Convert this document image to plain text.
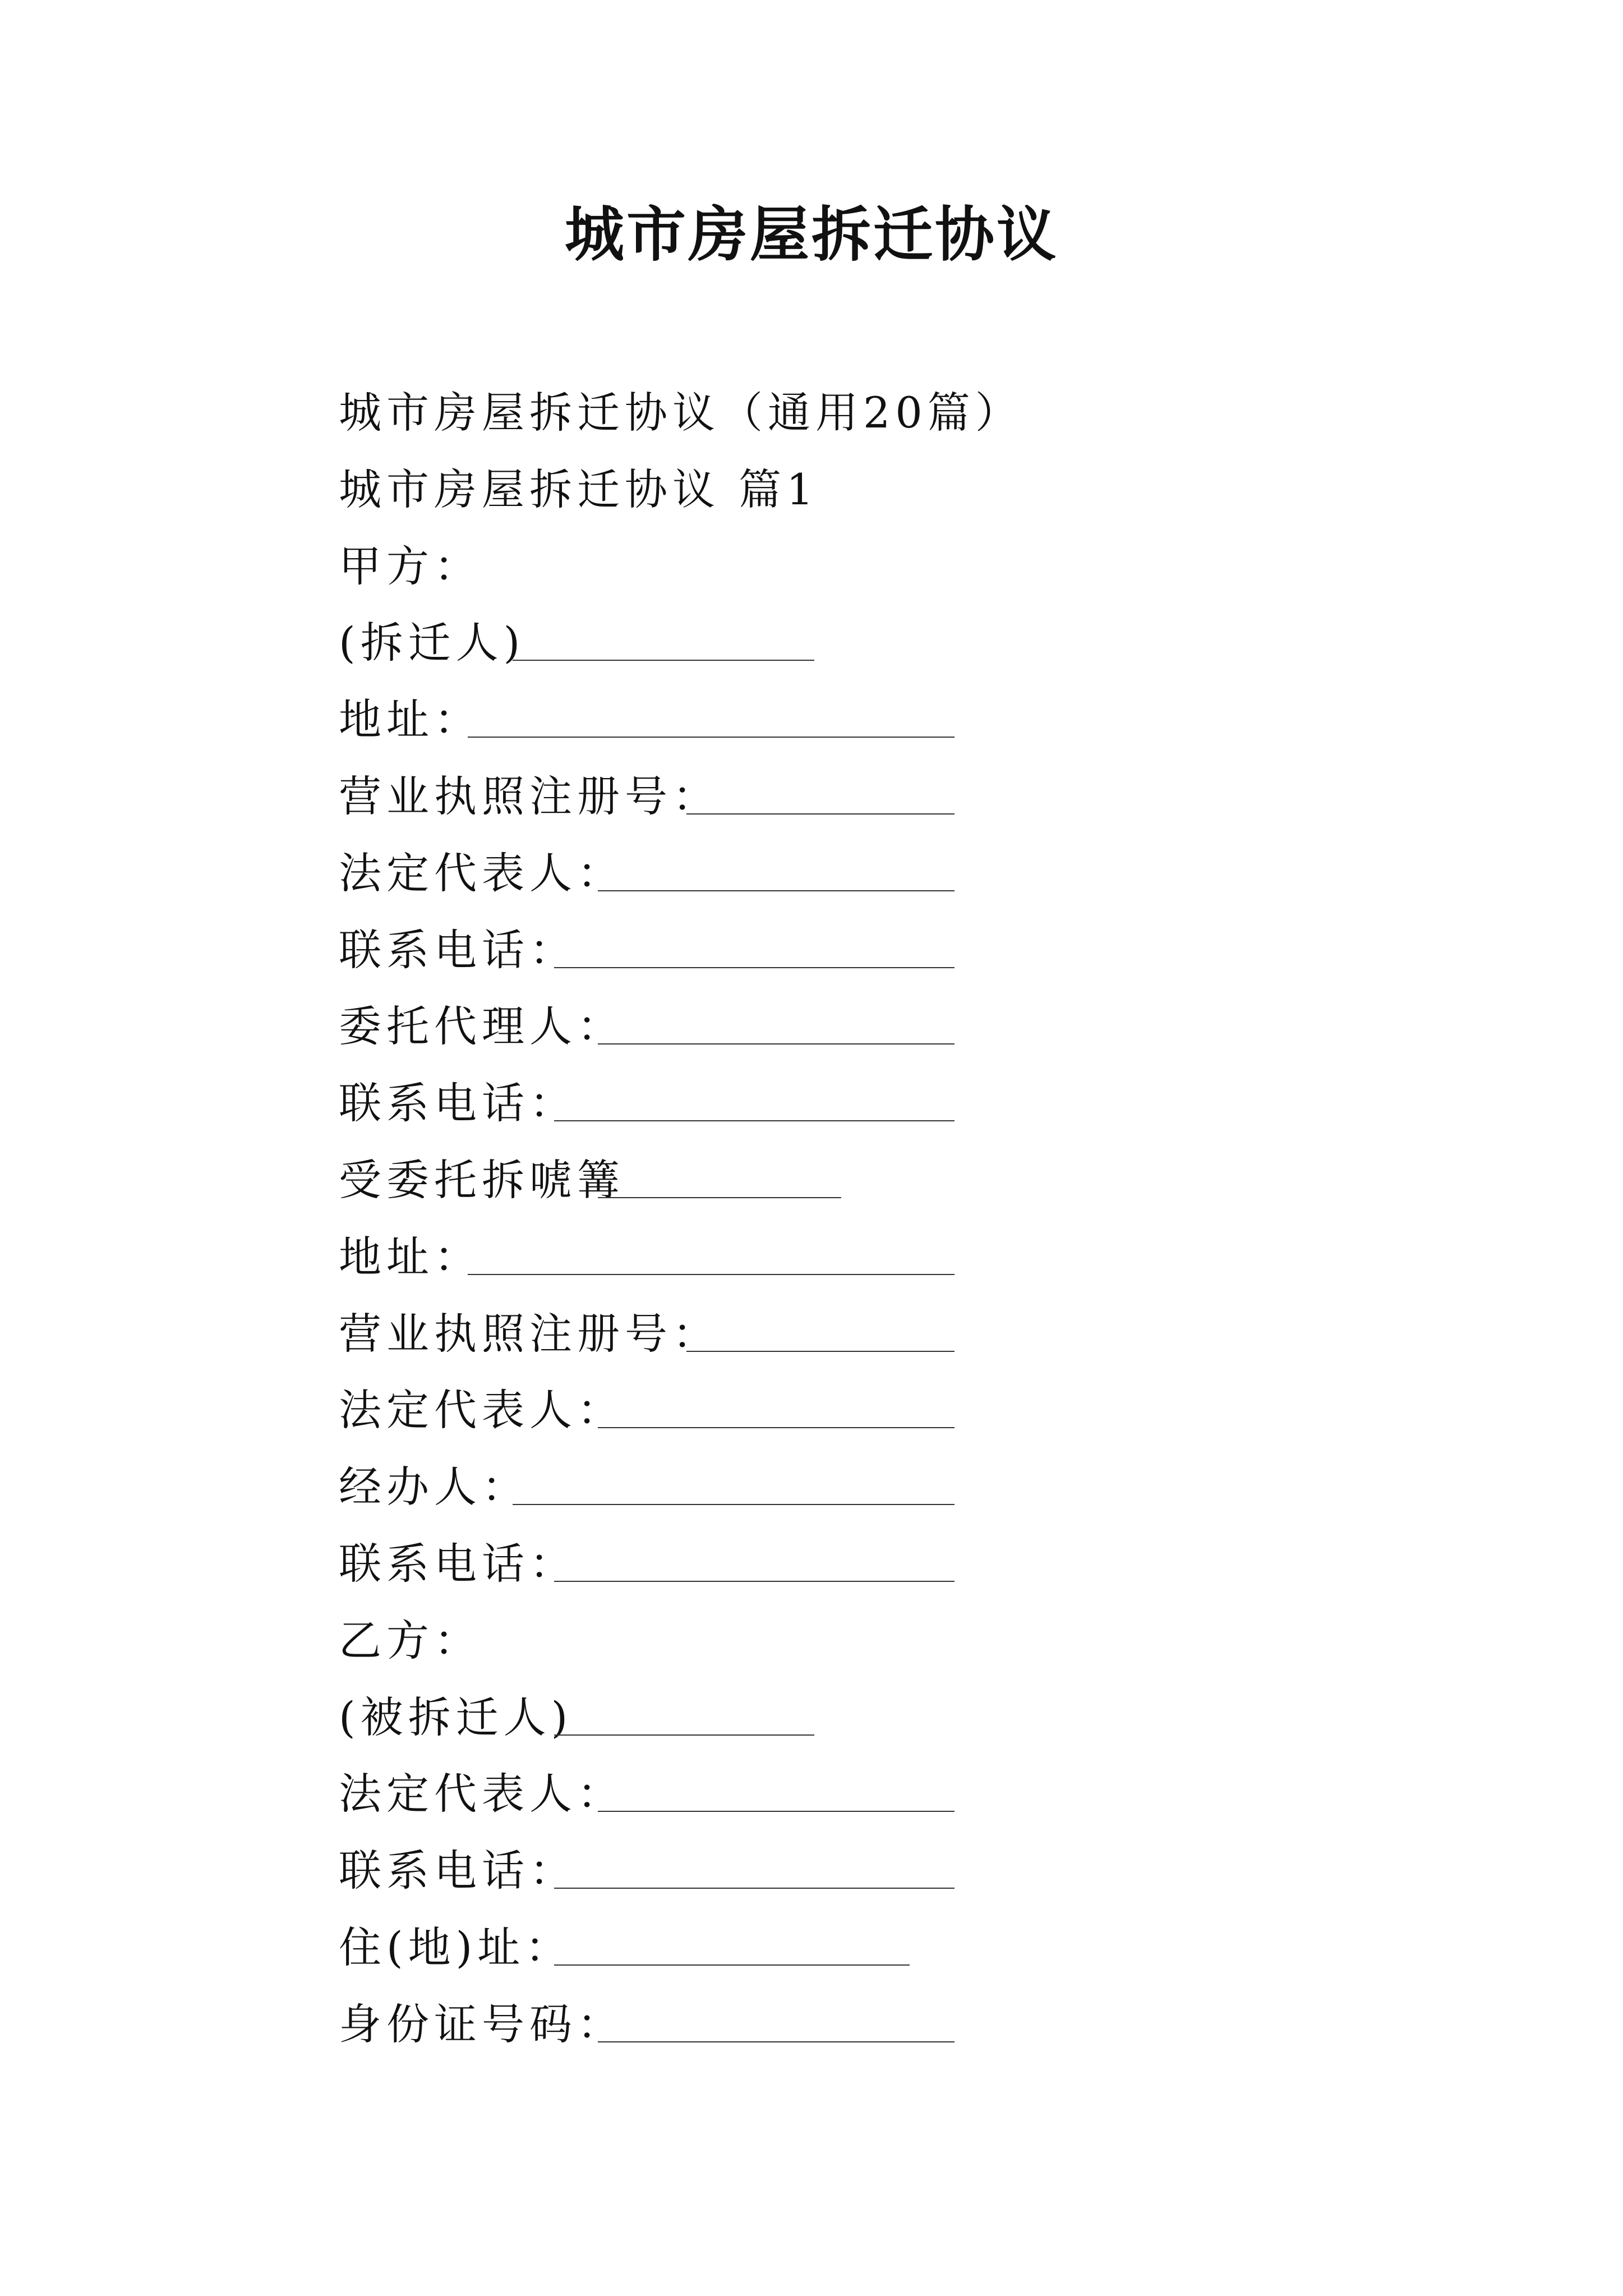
城市房屋拆迁协议
城市房屋拆迁协议（通用20篇）
城市房屋拆迁协议 篇1
甲方：
(拆迁人)
地址：
营业执照注册号：
法定代表人：
联系电话：
委托代理人：
联系电话：
受委托拆唬篝
地址：
营业执照注册号：
法定代表人：
经办人：
联系电话：
乙方：
(被拆迁人)
法定代表人：
联系电话：
住(地)址：
身份证号码：
